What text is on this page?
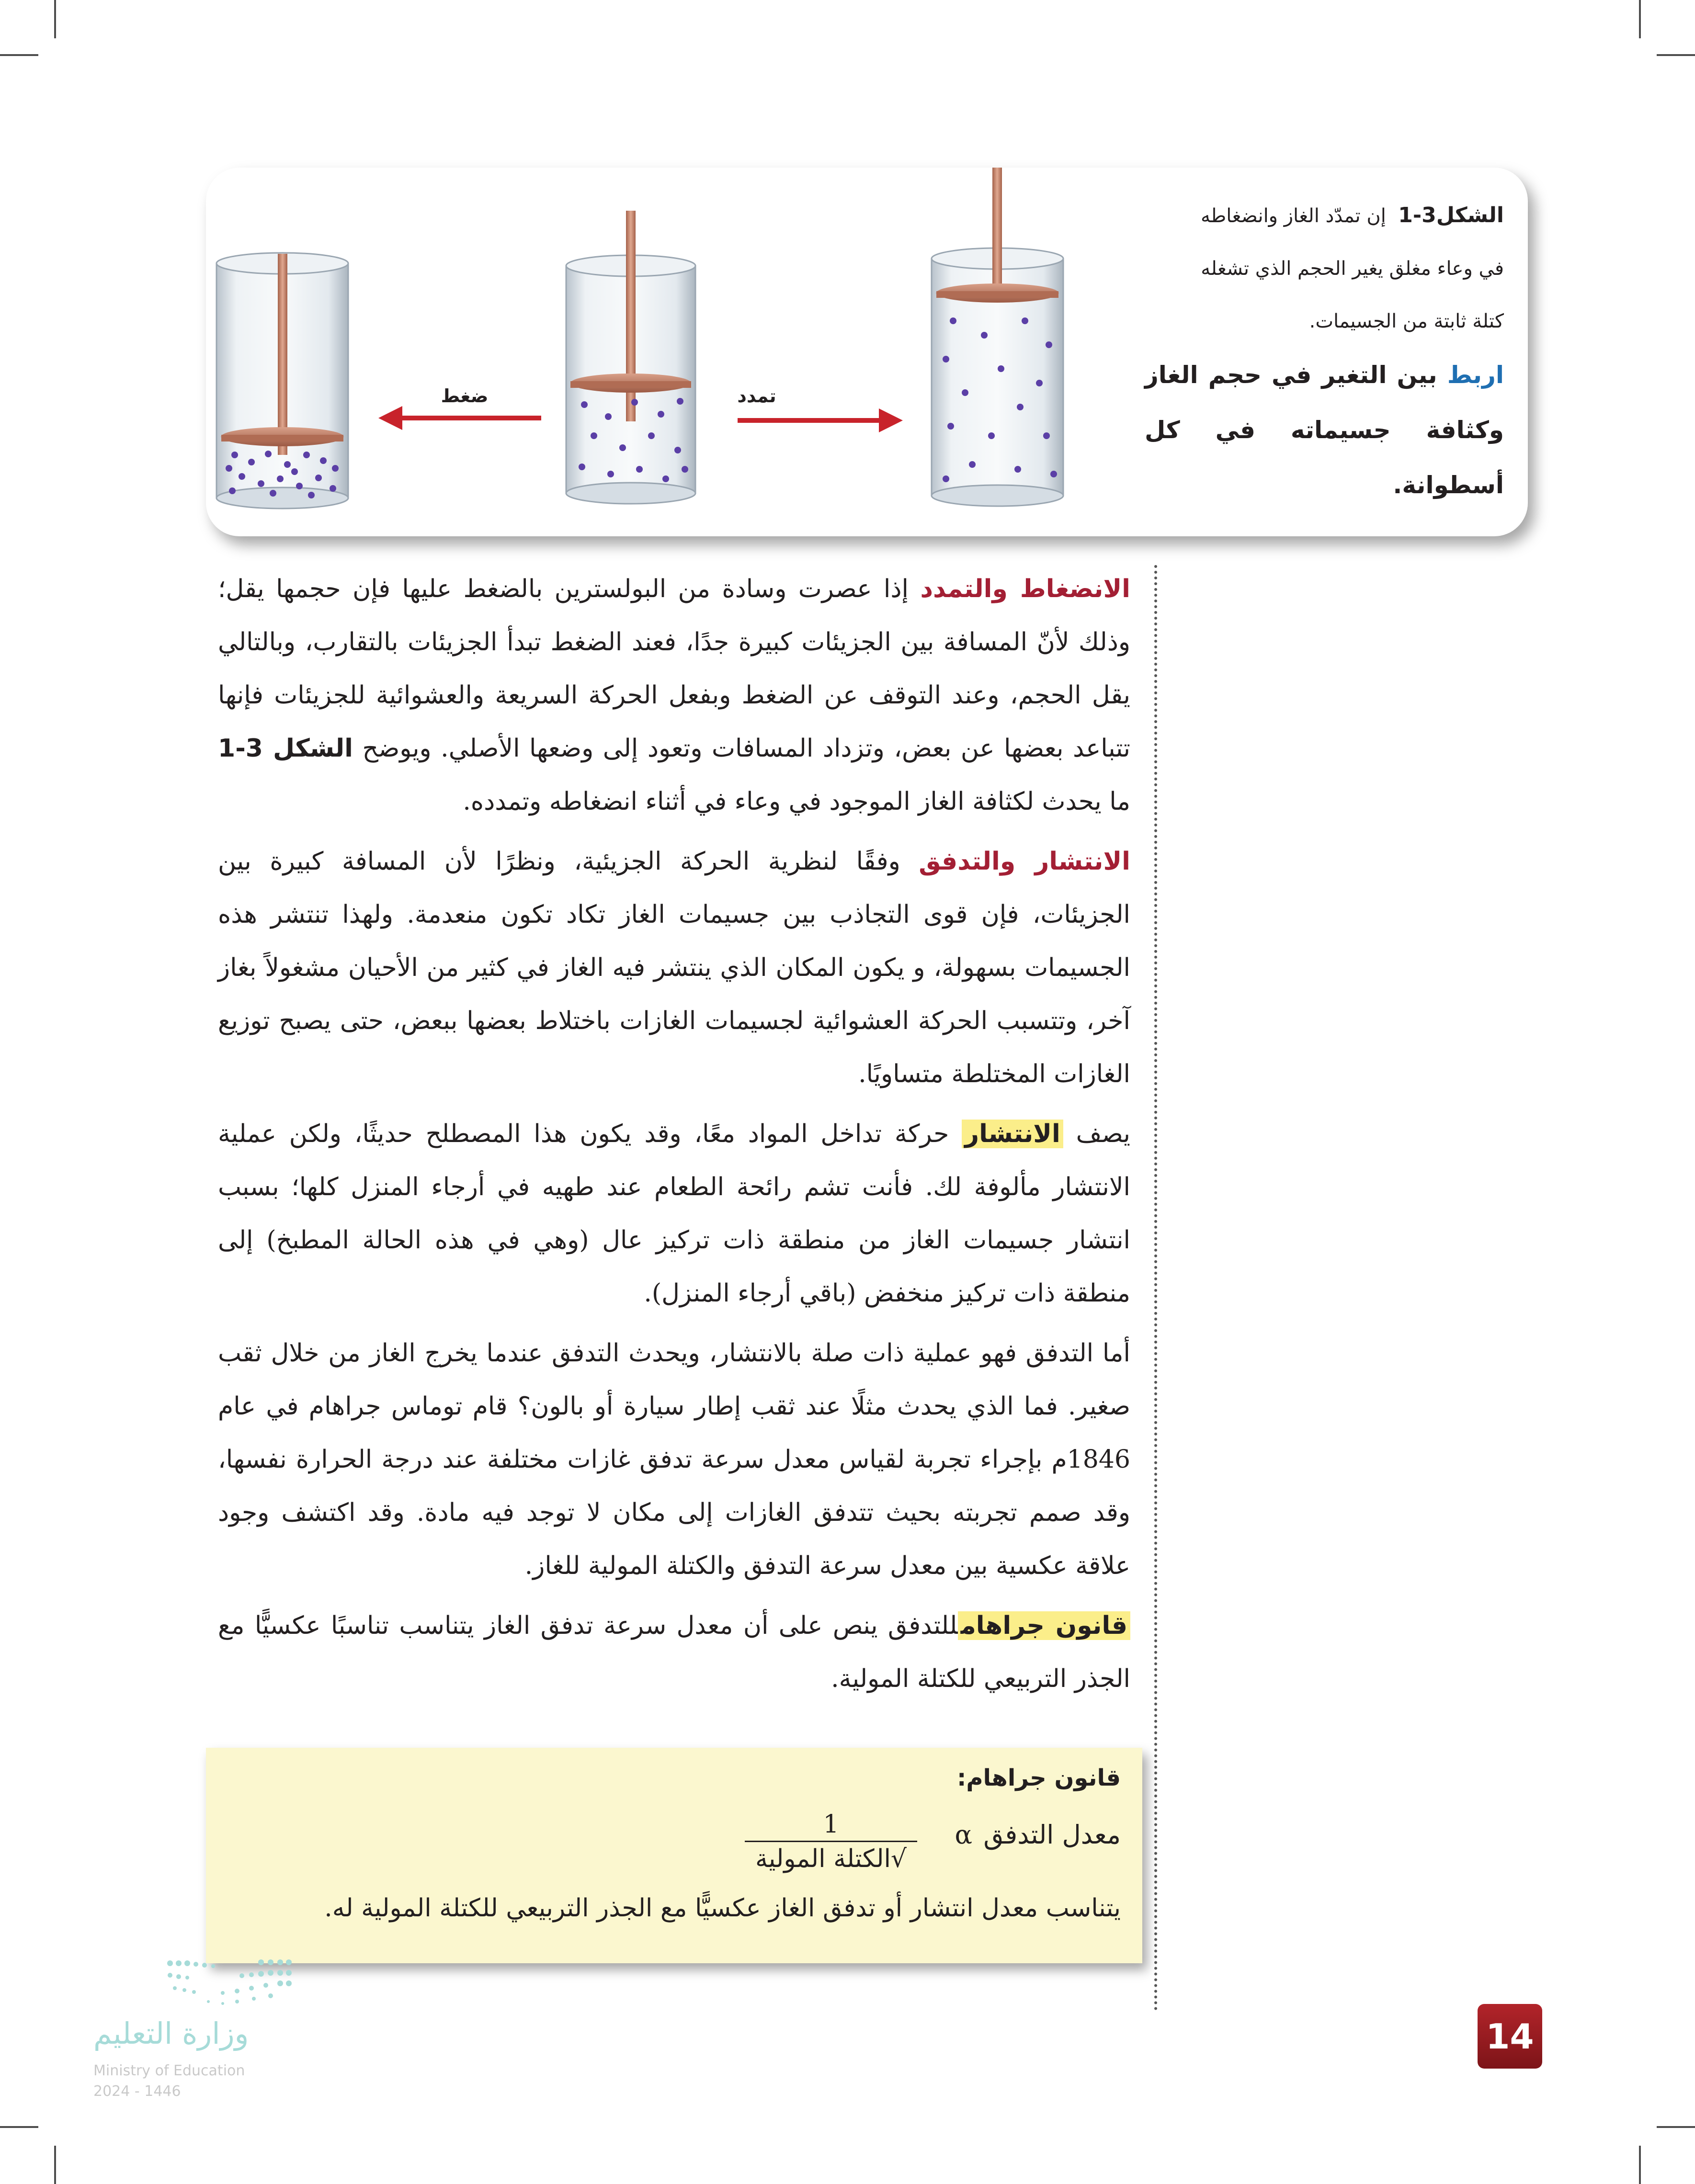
ضغط	تمدد
الشكل1-3  إن تمدّد الغاز وانضغاطه
في وعاء مغلق يغير الحجم الذي تشغله
كتلة ثابتة من الجسيمات.
اربط بين التغير في حجم الغاز وكثافة جسيماته في كل أسطوانة.

الانضغاط والتمدد إذا عصرت وسادة من البولسترين بالضغط عليها فإن حجمها يقل؛ وذلك لأنّ المسافة بين الجزيئات كبيرة جدًا، فعند الضغط تبدأ الجزيئات بالتقارب، وبالتالي يقل الحجم، وعند التوقف عن الضغط وبفعل الحركة السريعة والعشوائية للجزيئات فإنها تتباعد بعضها عن بعض، وتزداد المسافات وتعود إلى وضعها الأصلي. ويوضح الشكل 3-1 ما يحدث لكثافة الغاز الموجود في وعاء في أثناء انضغاطه وتمدده.

الانتشار والتدفق وفقًا لنظرية الحركة الجزيئية، ونظرًا لأن المسافة كبيرة بين الجزيئات، فإن قوى التجاذب بين جسيمات الغاز تكاد تكون منعدمة. ولهذا تنتشر هذه الجسيمات بسهولة، و يكون المكان الذي ينتشر فيه الغاز في كثير من الأحيان مشغولاً بغاز آخر، وتتسبب الحركة العشوائية لجسيمات الغازات باختلاط بعضها ببعض، حتى يصبح توزيع الغازات المختلطة متساويًا.

يصف الانتشار حركة تداخل المواد معًا، وقد يكون هذا المصطلح حديثًا، ولكن عملية الانتشار مألوفة لك. فأنت تشم رائحة الطعام عند طهيه في أرجاء المنزل كلها؛ بسبب انتشار جسيمات الغاز من منطقة ذات تركيز عال (وهي في هذه الحالة المطبخ) إلى منطقة ذات تركيز منخفض (باقي أرجاء المنزل).

أما التدفق فهو عملية ذات صلة بالانتشار، ويحدث التدفق عندما يخرج الغاز من خلال ثقب صغير. فما الذي يحدث مثلًا عند ثقب إطار سيارة أو بالون؟ قام توماس جراهام في عام 1846م بإجراء تجربة لقياس معدل سرعة تدفق غازات مختلفة عند درجة الحرارة نفسها، وقد صمم تجربته بحيث تتدفق الغازات إلى مكان لا توجد فيه مادة. وقد اكتشف وجود علاقة عكسية بين معدل سرعة التدفق والكتلة المولية للغاز.

قانون جراهامللتدفق ينص على أن معدل سرعة تدفق الغاز يتناسب تناسبًا عكسيًّا مع الجذر التربيعي للكتلة المولية.

قانون جراهام:
معدل التدفق
α
1
√الكتلة المولية
يتناسب معدل انتشار أو تدفق الغاز عكسيًّا مع الجذر التربيعي للكتلة المولية له.
وزارة التعليم
Ministry of Education
2024 - 1446
14
